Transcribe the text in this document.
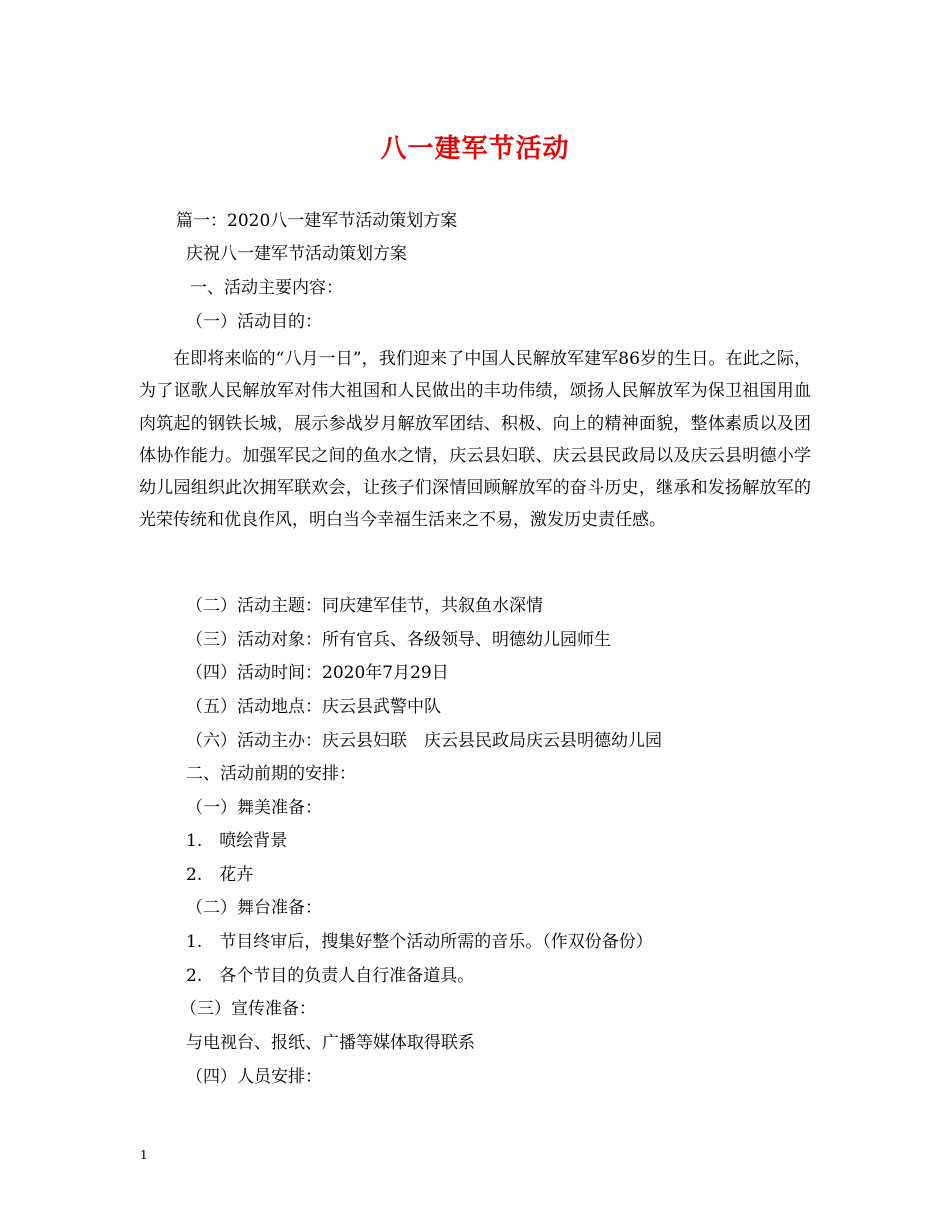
八一建军节活动
篇一：2020八一建军节活动策划方案
庆祝八一建军节活动策划方案
一、活动主要内容：
（一）活动目的：
在即将来临的“八月一日”，我们迎来了中国人民解放军建军86岁的生日。在此之际，为了讴歌人民解放军对伟大祖国和人民做出的丰功伟绩，颂扬人民解放军为保卫祖国用血肉筑起的钢铁长城，展示参战岁月解放军团结、积极、向上的精神面貌，整体素质以及团体协作能力。加强军民之间的鱼水之情，庆云县妇联、庆云县民政局以及庆云县明德小学幼儿园组织此次拥军联欢会，让孩子们深情回顾解放军的奋斗历史，继承和发扬解放军的光荣传统和优良作风，明白当今幸福生活来之不易，激发历史责任感。
（二）活动主题：同庆建军佳节，共叙鱼水深情
（三）活动对象：所有官兵、各级领导、明德幼儿园师生
（四）活动时间：2020年7月29日
（五）活动地点：庆云县武警中队
（六）活动主办：庆云县妇联　庆云县民政局庆云县明德幼儿园
二、活动前期的安排：
（一）舞美准备：
1.　喷绘背景
2.　花卉
（二）舞台准备：
1.　节目终审后，搜集好整个活动所需的音乐。（作双份备份）
2.　各个节目的负责人自行准备道具。
（三）宣传准备：
与电视台、报纸、广播等媒体取得联系
（四）人员安排：
1
